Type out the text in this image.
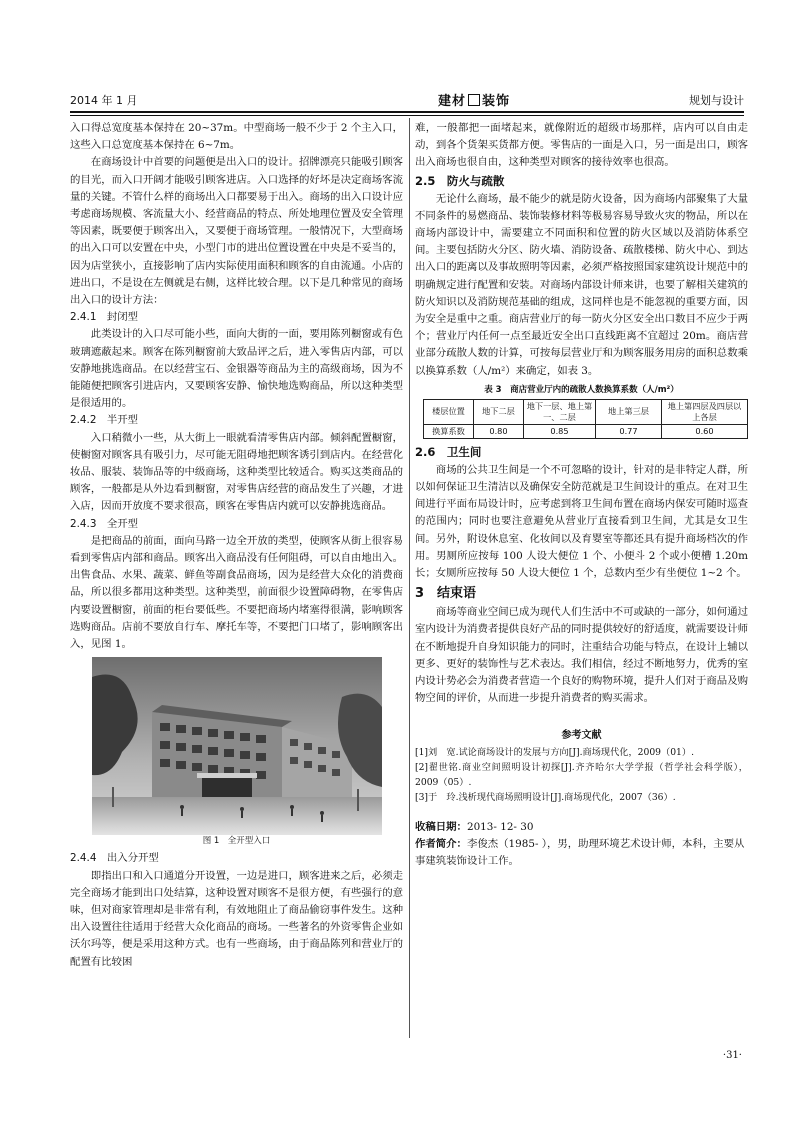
2014 年 1 月	建材 装饰	规划与设计

入口得总宽度基本保持在 20~37m。中型商场一般不少于 2 个主入口，这些入口总宽度基本保持在 6~7m。

在商场设计中首要的问题便是出入口的设计。招牌漂亮只能吸引顾客的目光，而入口开阔才能吸引顾客进店。入口选择的好坏是决定商场客流量的关键。不管什么样的商场出入口都要易于出入。商场的出入口设计应考虑商场规模、客流量大小、经营商品的特点、所处地理位置及安全管理等因素，既要便于顾客出入，又要便于商场管理。一般情况下，大型商场的出入口可以安置在中央，小型门市的进出位置设置在中央是不妥当的，因为店堂狭小，直接影响了店内实际使用面积和顾客的自由流通。小店的进出口，不是设在左侧就是右侧，这样比较合理。以下是几种常见的商场出入口的设计方法：

2.4.1　封闭型

此类设计的入口尽可能小些，面向大街的一面，要用陈列橱窗或有色玻璃遮蔽起来。顾客在陈列橱窗前大致品评之后，进入零售店内部，可以安静地挑选商品。在以经营宝石、金银器等商品为主的高级商场，因为不能随便把顾客引进店内，又要顾客安静、愉快地选购商品，所以这种类型是很适用的。

2.4.2　半开型

入口稍微小一些，从大街上一眼就看清零售店内部。倾斜配置橱窗，使橱窗对顾客具有吸引力，尽可能无阻碍地把顾客诱引到店内。在经营化妆品、服装、装饰品等的中级商场，这种类型比较适合。购买这类商品的顾客，一般都是从外边看到橱窗，对零售店经营的商品发生了兴趣，才进入店，因而开放度不要求很高，顾客在零售店内就可以安静挑选商品。

2.4.3　全开型

是把商品的前面，面向马路一边全开放的类型，使顾客从街上很容易看到零售店内部和商品。顾客出入商品没有任何阻碍，可以自由地出入。出售食品、水果、蔬菜、鲜鱼等副食品商场，因为是经营大众化的消费商品，所以很多都用这种类型。这种类型，前面很少设置障碍物，在零售店内要设置橱窗，前面的柜台要低些。不要把商场内堵塞得很满，影响顾客选购商品。店前不要放自行车、摩托车等，不要把门口堵了，影响顾客出入，见图 1。

图 1　全开型入口
2.4.4　出入分开型

即指出口和入口通道分开设置，一边是进口，顾客进来之后，必须走完全商场才能到出口处结算，这种设置对顾客不是很方便，有些强行的意味，但对商家管理却是非常有利，有效地阻止了商品偷窃事件发生。这种出入设置往往适用于经营大众化商品的商场。一些著名的外资零售企业如沃尔玛等，便是采用这种方式。也有一些商场，由于商品陈列和营业厅的配置有比较困

难，一般都把一面堵起来，就像附近的超级市场那样，店内可以自由走动，到各个货架买货都方便。零售店的一面是入口，另一面是出口，顾客出入商场也很自由，这种类型对顾客的接待效率也很高。

2.5　防火与疏散

无论什么商场，最不能少的就是防火设备，因为商场内部聚集了大量不同条件的易燃商品、装饰装修材料等极易容易导致火灾的物品，所以在商场内部设计中，需要建立不同面积和位置的防火区域以及消防体系空间。主要包括防火分区、防火墙、消防设备、疏散楼梯、防火中心、到达出入口的距离以及事故照明等因素，必须严格按照国家建筑设计规范中的明确规定进行配置和安装。对商场内部设计师来讲，也要了解相关建筑的防火知识以及消防规范基础的组成，这同样也是不能忽视的重要方面，因为安全是重中之重。商店营业厅的每一防火分区安全出口数目不应少于两个；营业厅内任何一点至最近安全出口直线距离不宜超过 20m。商店营业部分疏散人数的计算，可按每层营业厅和为顾客服务用房的面积总数乘以换算系数（人/m²）来确定，如表 3。

表 3　商店营业厅内的疏散人数换算系数（人/m²）
楼层位置	地下二层	地下一层、地上第一、二层	地上第三层	地上第四层及四层以上各层
换算系数	0.80	0.85	0.77	0.60
2.6　卫生间

商场的公共卫生间是一个不可忽略的设计，针对的是非特定人群，所以如何保证卫生清洁以及确保安全防范就是卫生间设计的重点。在对卫生间进行平面布局设计时，应考虑到将卫生间布置在商场内保安可随时巡查的范围内；同时也要注意避免从营业厅直接看到卫生间，尤其是女卫生间。另外，附设休息室、化妆间以及育婴室等都还具有提升商场档次的作用。男厕所应按每 100 人设大便位 1 个、小便斗 2 个或小便槽 1.20m 长；女厕所应按每 50 人设大便位 1 个，总数内至少有坐便位 1~2 个。

3　结束语

商场等商业空间已成为现代人们生活中不可或缺的一部分，如何通过室内设计为消费者提供良好产品的同时提供较好的舒适度，就需要设计师在不断地提升自身知识能力的同时，注重结合功能与特点，在设计上辅以更多、更好的装饰性与艺术表达。我们相信，经过不断地努力，优秀的室内设计势必会为消费者营造一个良好的购物环境，提升人们对于商品及购物空间的评价，从而进一步提升消费者的购买需求。

参考文献
[1]刘　宽.试论商场设计的发展与方向[J].商场现代化，2009（01）.
[2]翟世铭.商业空间照明设计初探[J].齐齐哈尔大学学报（哲学社会科学版），2009（05）.
[3]于　玲.浅析现代商场照明设计[J].商场现代化，2007（36）.
收稿日期：2013- 12- 30
作者简介：李俊杰（1985- ），男，助理环境艺术设计师，本科，主要从事建筑装饰设计工作。
·31·
